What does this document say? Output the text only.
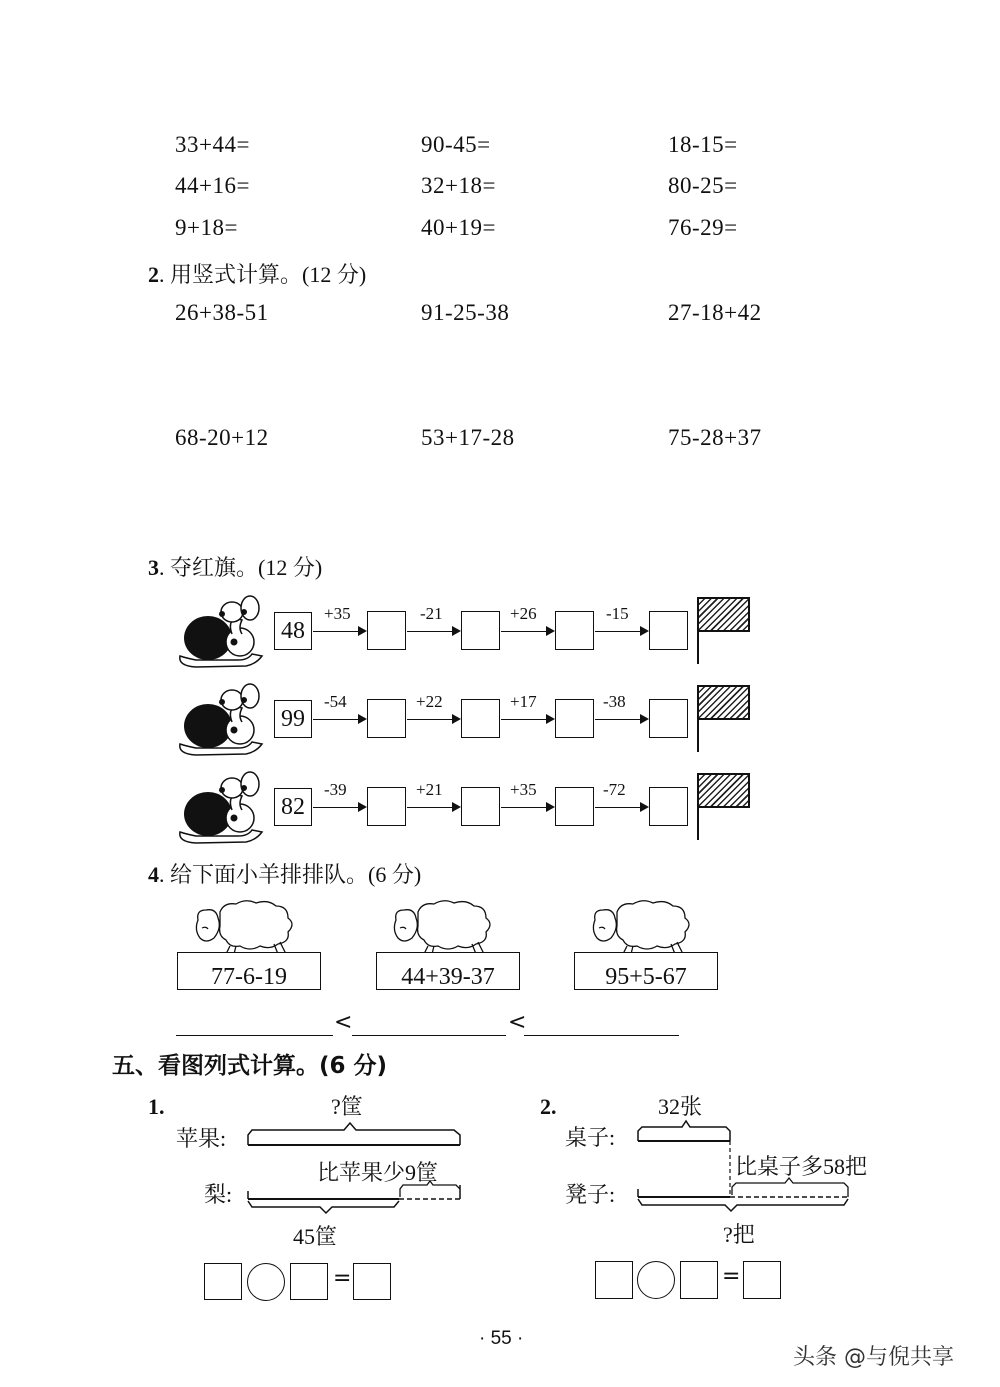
33+44=	90-45=	18-15=
44+16=	32+18=	80-25=
9+18=	40+19=	76-29=
2. 用竖式计算。(12 分)
26+38-51	91-25-38	27-18+42
68-20+12	53+17-28	75-28+37
3. 夺红旗。(12 分)
48
+35	-21	+26	-15
99
-54	+22	+17	-38
82
-39	+21	+35	-72
4. 给下面小羊排排队。(6 分)
77-6-19	44+39-37	95+5-67
<	<
五、看图列式计算。(6 分)
1.	?筐
苹果:
比苹果少9筐
梨:
45筐
=
2.	32张
桌子:
比桌子多58把
凳子:
?把
=
· 55 ·
头条 @与倪共享
